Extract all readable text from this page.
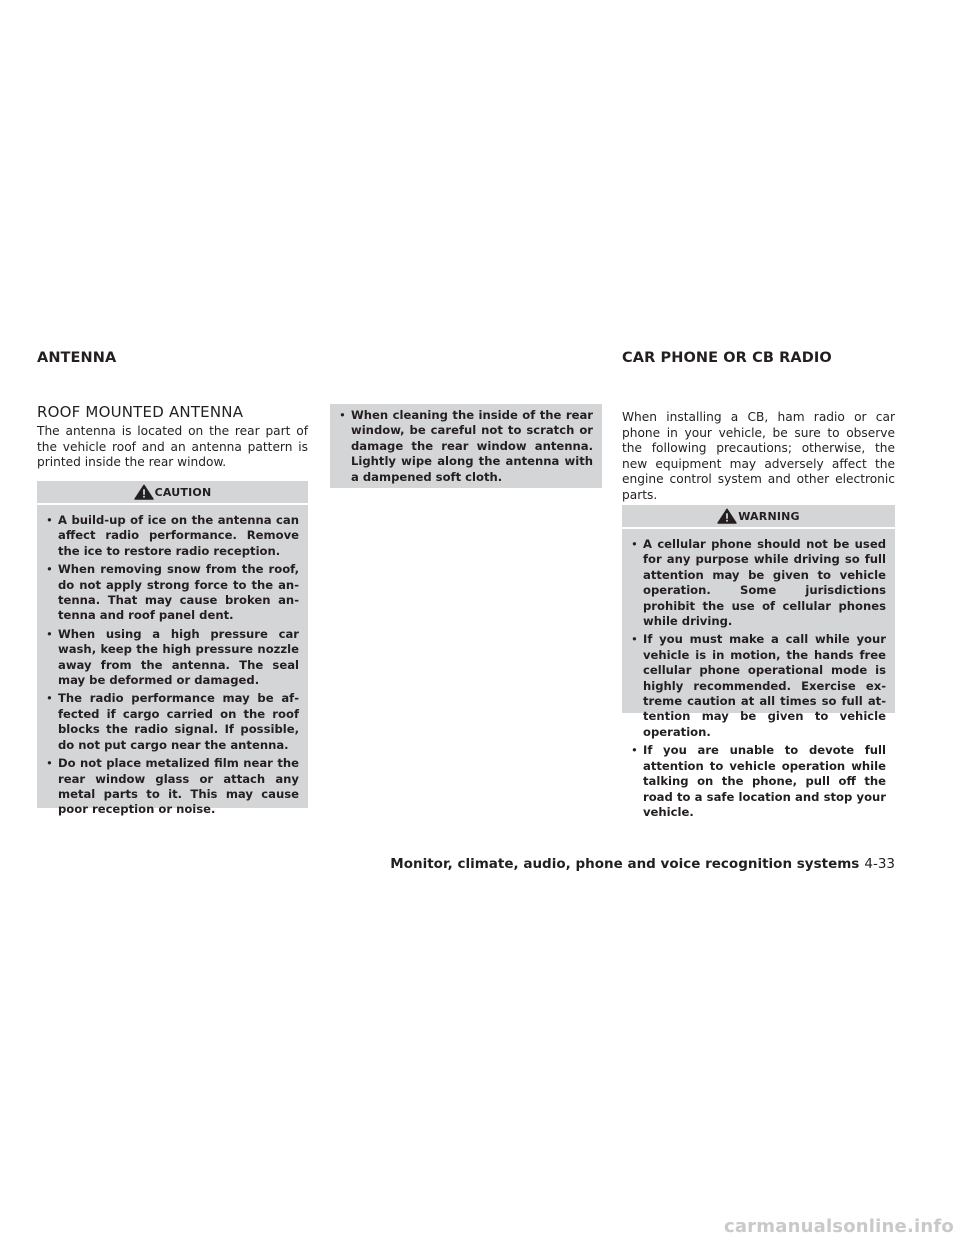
ANTENNA	CAR PHONE OR CB RADIO
ROOF MOUNTED ANTENNA
The antenna is located on the rear part of the vehicle roof and an antenna pattern is printed inside the rear window.
CAUTION
• A build-up of ice on the antenna can affect radio performance. Remove the ice to restore radio reception.
• When removing snow from the roof, do not apply strong force to the antenna. That may cause broken antenna and roof panel dent.
• When using a high pressure car wash, keep the high pressure nozzle away from the antenna. The seal may be deformed or damaged.
• The radio performance may be affected if cargo carried on the roof blocks the radio signal. If possible, do not put cargo near the antenna.
• Do not place metalized film near the rear window glass or attach any metal parts to it. This may cause poor reception or noise.
• When cleaning the inside of the rear window, be careful not to scratch or damage the rear window antenna. Lightly wipe along the antenna with a dampened soft cloth.
When installing a CB, ham radio or car phone in your vehicle, be sure to observe the following precautions; otherwise, the new equipment may adversely affect the engine control system and other electronic parts.
WARNING
• A cellular phone should not be used for any purpose while driving so full attention may be given to vehicle operation. Some jurisdictions prohibit the use of cellular phones while driving.
• If you must make a call while your vehicle is in motion, the hands free cellular phone operational mode is highly recommended. Exercise extreme caution at all times so full attention may be given to vehicle operation.
• If you are unable to devote full attention to vehicle operation while talking on the phone, pull off the road to a safe location and stop your vehicle.
Monitor, climate, audio, phone and voice recognition systems 4-33
carmanualsonline.info
